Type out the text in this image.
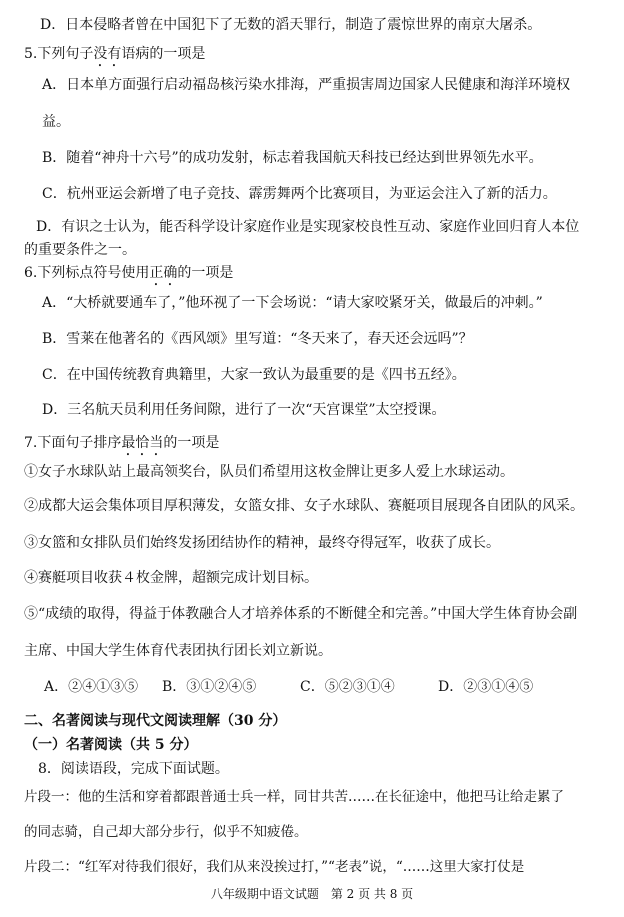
D．日本侵略者曾在中国犯下了无数的滔天罪行，制造了震惊世界的南京大屠杀。
5.下列句子没有语病的一项是
A．日本单方面强行启动福岛核污染水排海，严重损害周边国家人民健康和海洋环境权
益。
B．随着“神舟十六号”的成功发射，标志着我国航天科技已经达到世界领先水平。
C．杭州亚运会新增了电子竞技、霹雳舞两个比赛项目，为亚运会注入了新的活力。
D．有识之士认为，能否科学设计家庭作业是实现家校良性互动、家庭作业回归育人本位
的重要条件之一。
6.下列标点符号使用正确的一项是
A．“大桥就要通车了，”他环视了一下会场说：“请大家咬紧牙关，做最后的冲刺。”
B．雪莱在他著名的《西风颂》里写道：“冬天来了，春天还会远吗”？
C．在中国传统教育典籍里，大家一致认为最重要的是《四书五经》。
D．三名航天员利用任务间隙，进行了一次“天宫课堂”太空授课。
7.下面句子排序最恰当的一项是
①女子水球队站上最高领奖台，队员们希望用这枚金牌让更多人爱上水球运动。
②成都大运会集体项目厚积薄发，女篮女排、女子水球队、赛艇项目展现各自团队的风采。
③女篮和女排队员们始终发扬团结协作的精神，最终夺得冠军，收获了成长。
④赛艇项目收获４枚金牌，超额完成计划目标。
⑤“成绩的取得，得益于体教融合人才培养体系的不断健全和完善。”中国大学生体育协会副
主席、中国大学生体育代表团执行团长刘立新说。
A．②④①③⑤ B．③①②④⑤	C．⑤②③①④	D．②③①④⑤
二、名著阅读与现代文阅读理解（30 分）
（一）名著阅读（共 5 分）
8．阅读语段，完成下面试题。
片段一：他的生活和穿着都跟普通士兵一样，同甘共苦……在长征途中，他把马让给走累了
的同志骑，自己却大部分步行，似乎不知疲倦。
片段二：“红军对待我们很好，我们从来没挨过打，”“老表”说，“……这里大家打仗是
八年级期中语文试题　第 2 页 共 8 页
